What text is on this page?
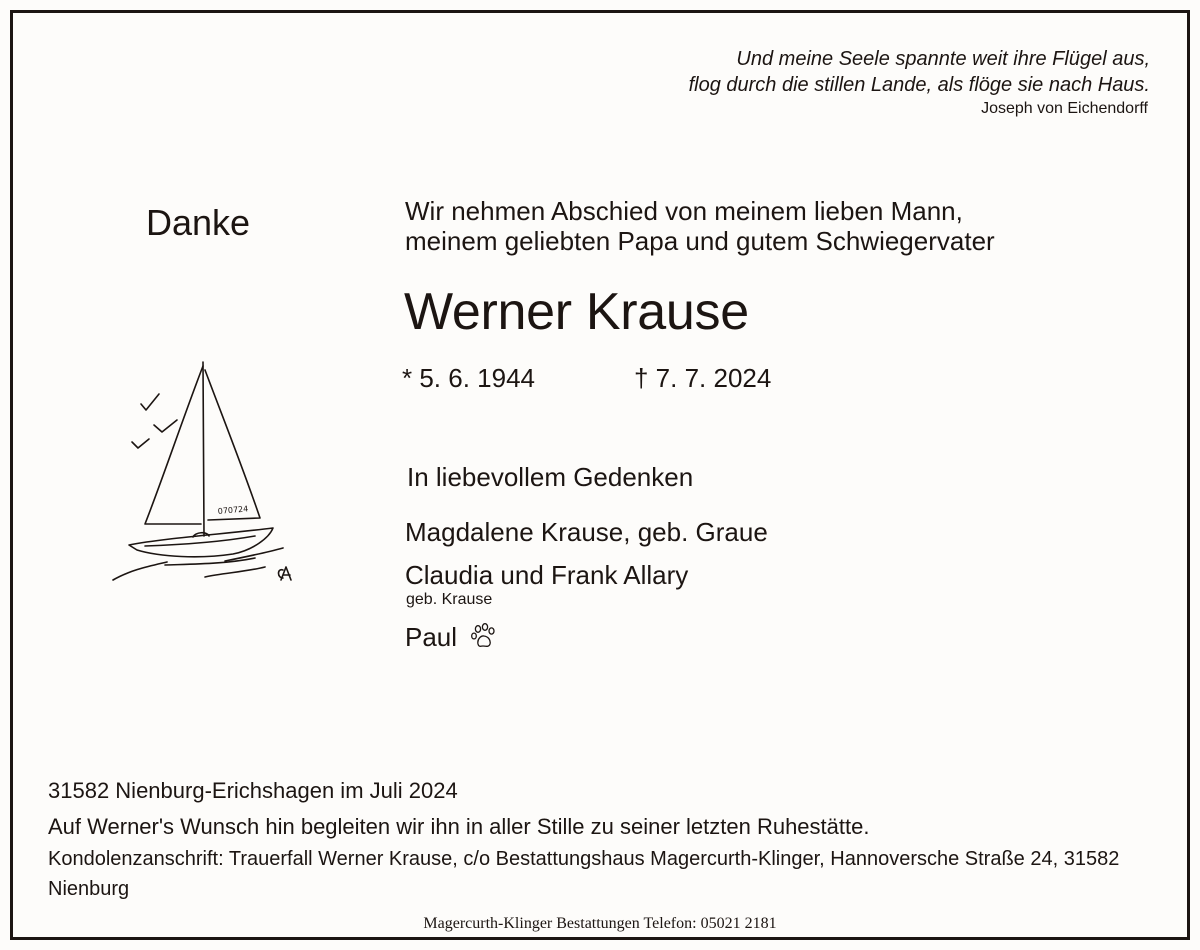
Und meine Seele spannte weit ihre Flügel aus,
flog durch die stillen Lande, als flöge sie nach Haus.
Joseph von Eichendorff
Danke	Wir nehmen Abschied von meinem lieben Mann,
meinem geliebten Papa und gutem Schwiegervater
Werner Krause
* 5. 6. 1944	† 7. 7. 2024
In liebevollem Gedenken
Magdalene Krause, geb. Graue
Claudia und Frank Allary
geb. Krause
Paul
070724
31582 Nienburg-Erichshagen im Juli 2024
Auf Werner's Wunsch hin begleiten wir ihn in aller Stille zu seiner letzten Ruhestätte.
Kondolenzanschrift: Trauerfall Werner Krause, c/o Bestattungshaus Magercurth-Klinger, Hannoversche Straße 24, 31582 Nienburg
Magercurth-Klinger Bestattungen Telefon: 05021 2181
